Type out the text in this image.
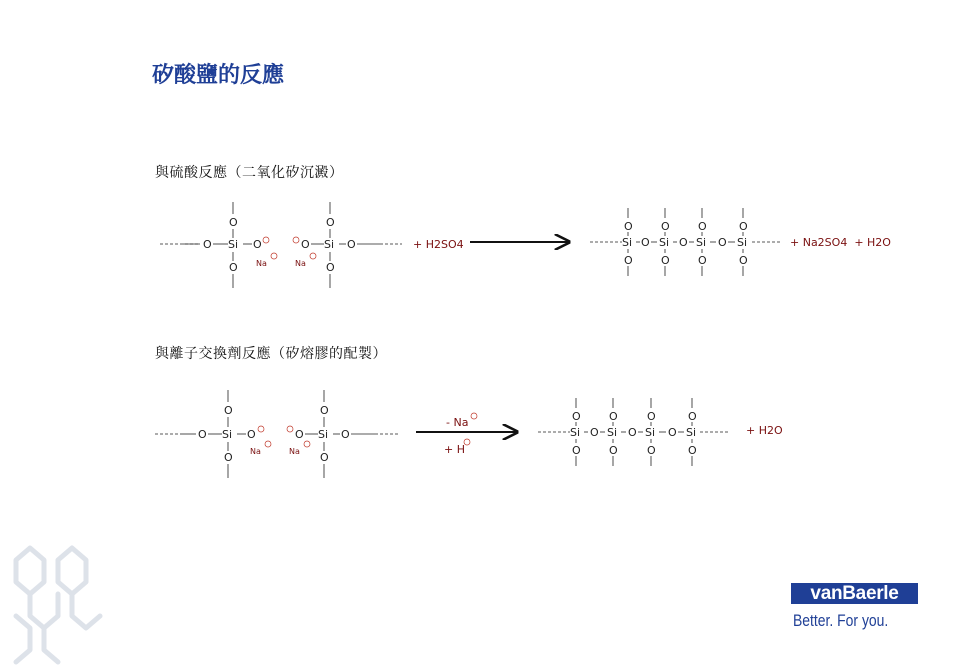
矽酸鹽的反應
與硫酸反應（二氧化矽沉澱）
與離子交換劑反應（矽熔膠的配製）
O
O
Si O
O Na	Na
O
O
Si O
O
+ H2SO4	Si O Si O Si O Si
O
O
O
O
O
O
O
O
+ Na2SO4  + H2O
O
O
Si O
O Na	Na
O
O
Si O
O
- Na
+ H
Si O Si O Si O Si
O
O
O
O
O
O
O
O
+ H2O
vanBaerle
Better. For you.
